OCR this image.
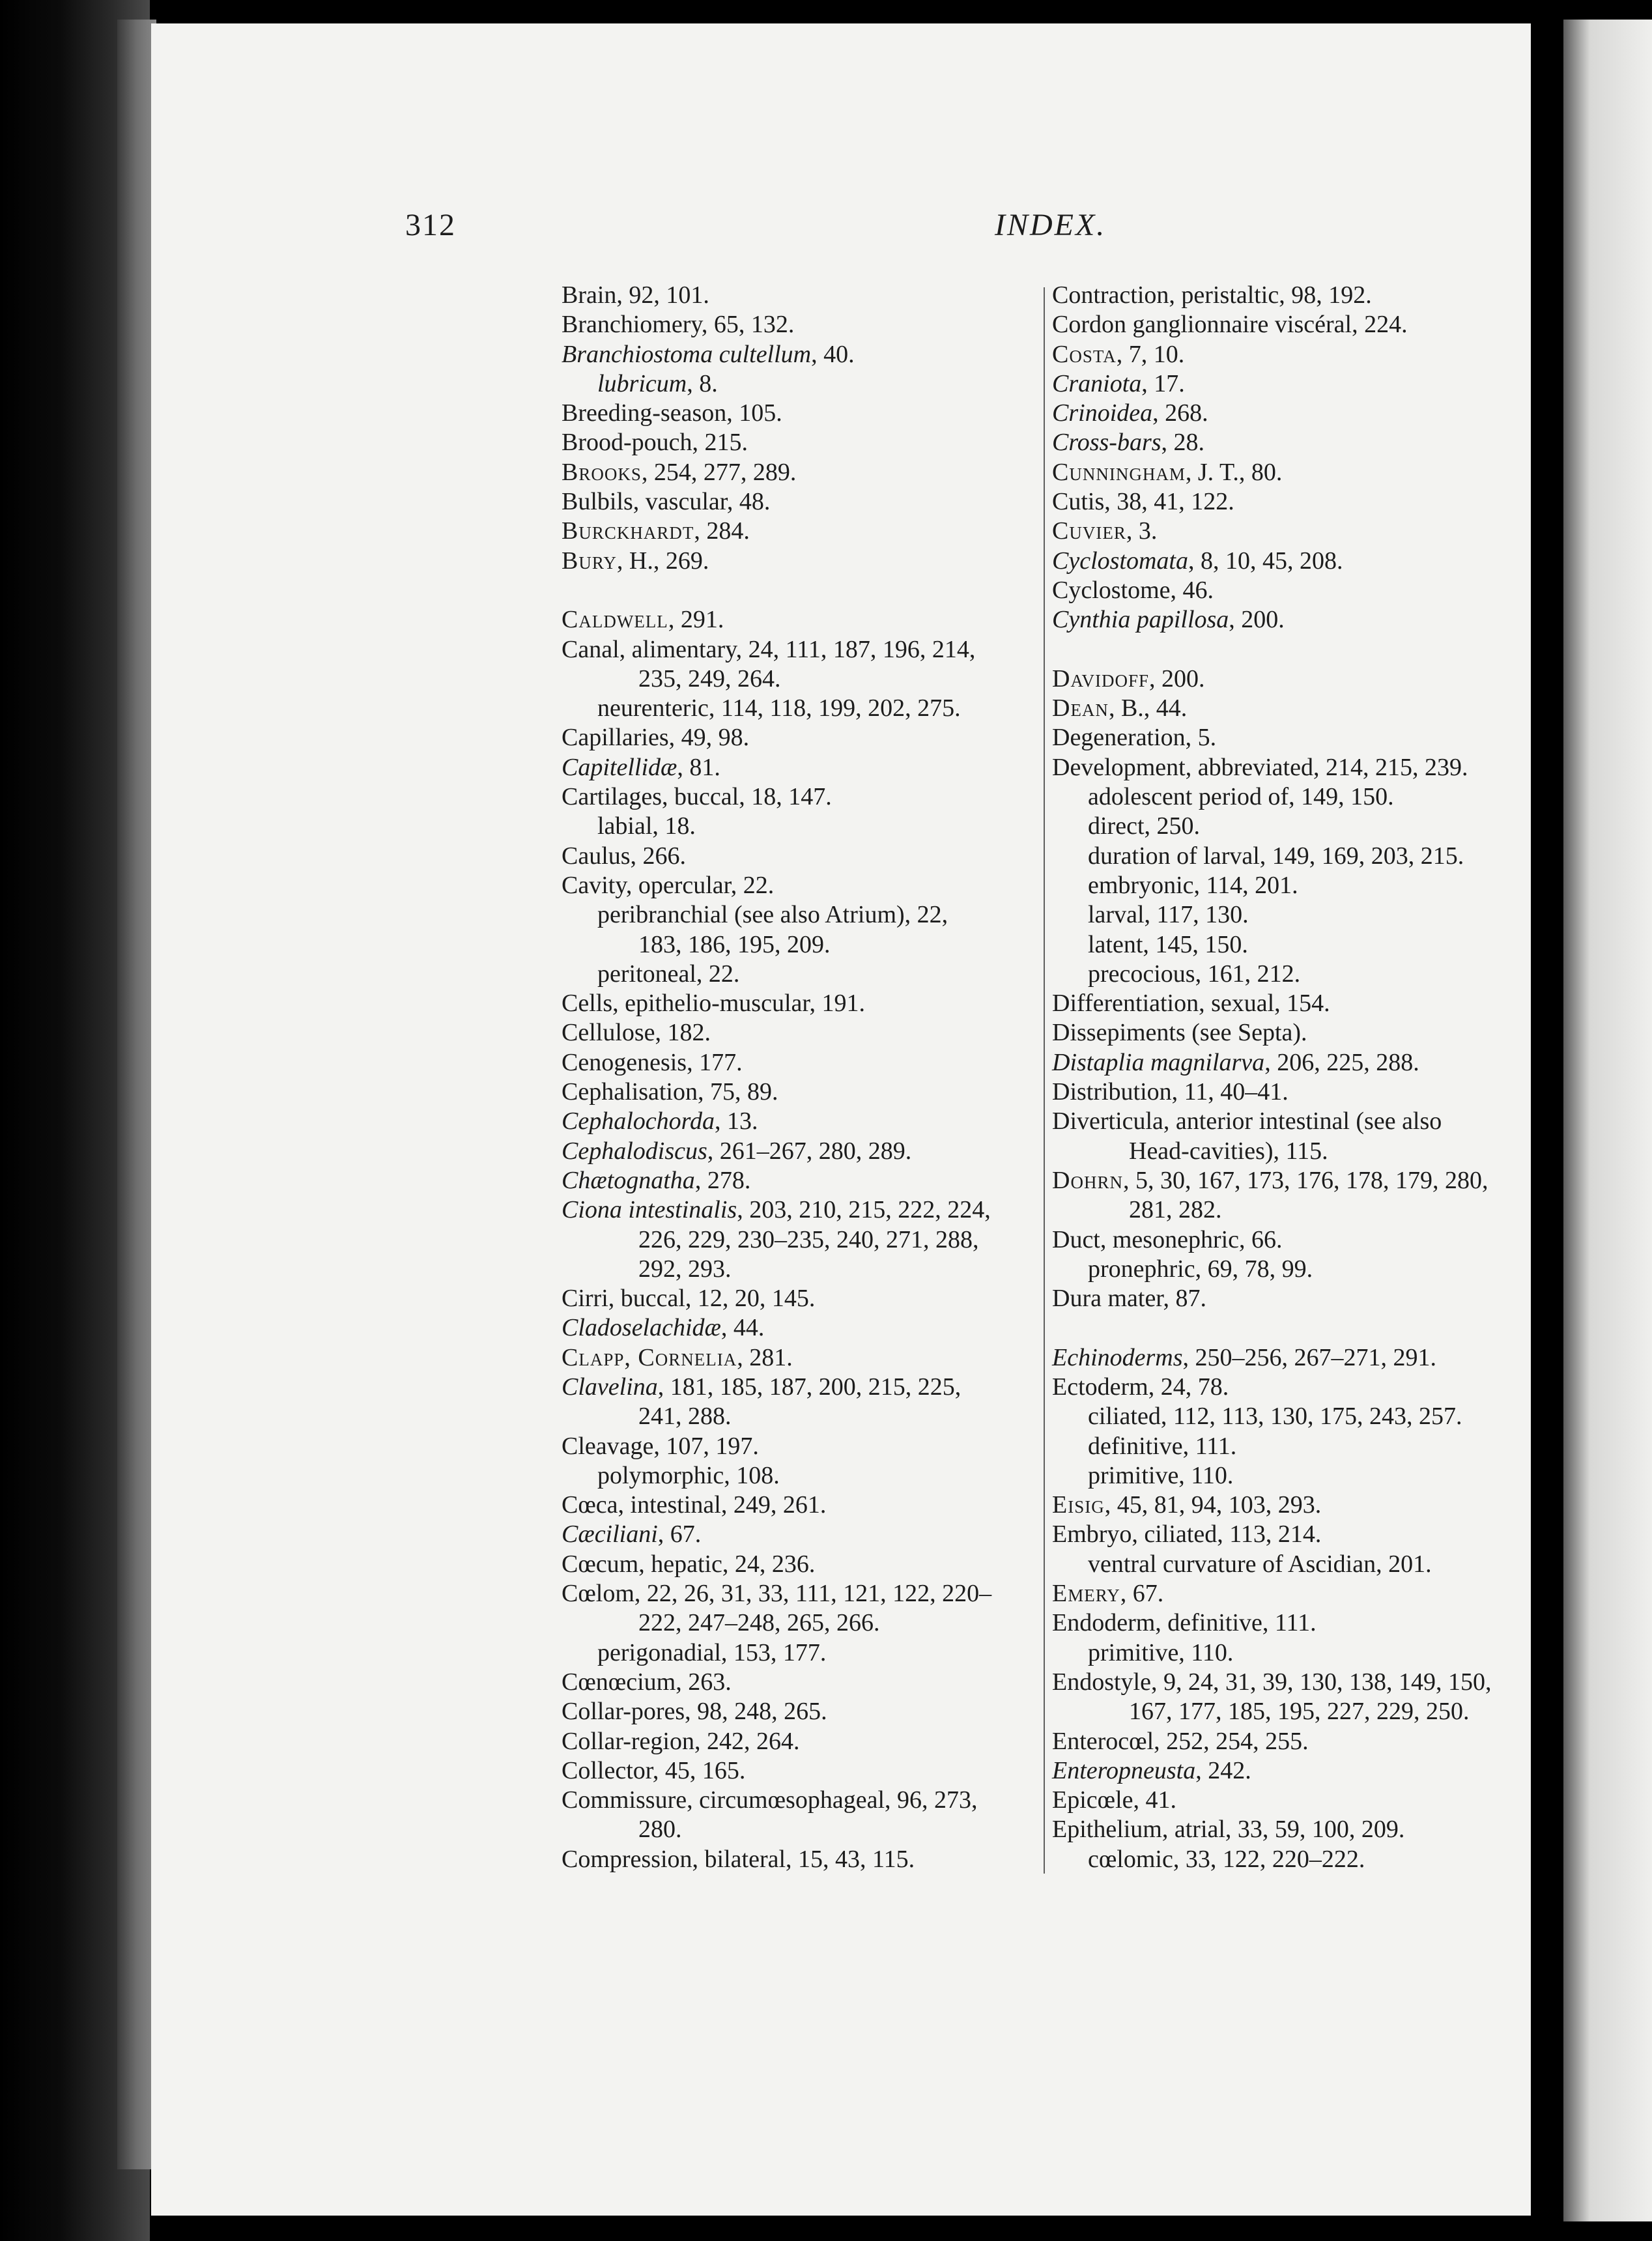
312	INDEX.
Brain, 92, 101.
Branchiomery, 65, 132.
Branchiostoma cultellum, 40.
lubricum, 8.
Breeding-season, 105.
Brood-pouch, 215.
Brooks, 254, 277, 289.
Bulbils, vascular, 48.
Burckhardt, 284.
Bury, H., 269.
Caldwell, 291.
Canal, alimentary, 24, 111, 187, 196, 214,
235, 249, 264.
neurenteric, 114, 118, 199, 202, 275.
Capillaries, 49, 98.
Capitellidæ, 81.
Cartilages, buccal, 18, 147.
labial, 18.
Caulus, 266.
Cavity, opercular, 22.
peribranchial (see also Atrium), 22,
183, 186, 195, 209.
peritoneal, 22.
Cells, epithelio-muscular, 191.
Cellulose, 182.
Cenogenesis, 177.
Cephalisation, 75, 89.
Cephalochorda, 13.
Cephalodiscus, 261–267, 280, 289.
Chætognatha, 278.
Ciona intestinalis, 203, 210, 215, 222, 224,
226, 229, 230–235, 240, 271, 288,
292, 293.
Cirri, buccal, 12, 20, 145.
Cladoselachidæ, 44.
Clapp, Cornelia, 281.
Clavelina, 181, 185, 187, 200, 215, 225,
241, 288.
Cleavage, 107, 197.
polymorphic, 108.
Cœca, intestinal, 249, 261.
Cæciliani, 67.
Cœcum, hepatic, 24, 236.
Cœlom, 22, 26, 31, 33, 111, 121, 122, 220–
222, 247–248, 265, 266.
perigonadial, 153, 177.
Cœnœcium, 263.
Collar-pores, 98, 248, 265.
Collar-region, 242, 264.
Collector, 45, 165.
Commissure, circumœsophageal, 96, 273,
280.
Compression, bilateral, 15, 43, 115.
Contraction, peristaltic, 98, 192.
Cordon ganglionnaire viscéral, 224.
Costa, 7, 10.
Craniota, 17.
Crinoidea, 268.
Cross-bars, 28.
Cunningham, J. T., 80.
Cutis, 38, 41, 122.
Cuvier, 3.
Cyclostomata, 8, 10, 45, 208.
Cyclostome, 46.
Cynthia papillosa, 200.
Davidoff, 200.
Dean, B., 44.
Degeneration, 5.
Development, abbreviated, 214, 215, 239.
adolescent period of, 149, 150.
direct, 250.
duration of larval, 149, 169, 203, 215.
embryonic, 114, 201.
larval, 117, 130.
latent, 145, 150.
precocious, 161, 212.
Differentiation, sexual, 154.
Dissepiments (see Septa).
Distaplia magnilarva, 206, 225, 288.
Distribution, 11, 40–41.
Diverticula, anterior intestinal (see also
Head-cavities), 115.
Dohrn, 5, 30, 167, 173, 176, 178, 179, 280,
281, 282.
Duct, mesonephric, 66.
pronephric, 69, 78, 99.
Dura mater, 87.
Echinoderms, 250–256, 267–271, 291.
Ectoderm, 24, 78.
ciliated, 112, 113, 130, 175, 243, 257.
definitive, 111.
primitive, 110.
Eisig, 45, 81, 94, 103, 293.
Embryo, ciliated, 113, 214.
ventral curvature of Ascidian, 201.
Emery, 67.
Endoderm, definitive, 111.
primitive, 110.
Endostyle, 9, 24, 31, 39, 130, 138, 149, 150,
167, 177, 185, 195, 227, 229, 250.
Enterocœl, 252, 254, 255.
Enteropneusta, 242.
Epicœle, 41.
Epithelium, atrial, 33, 59, 100, 209.
cœlomic, 33, 122, 220–222.
